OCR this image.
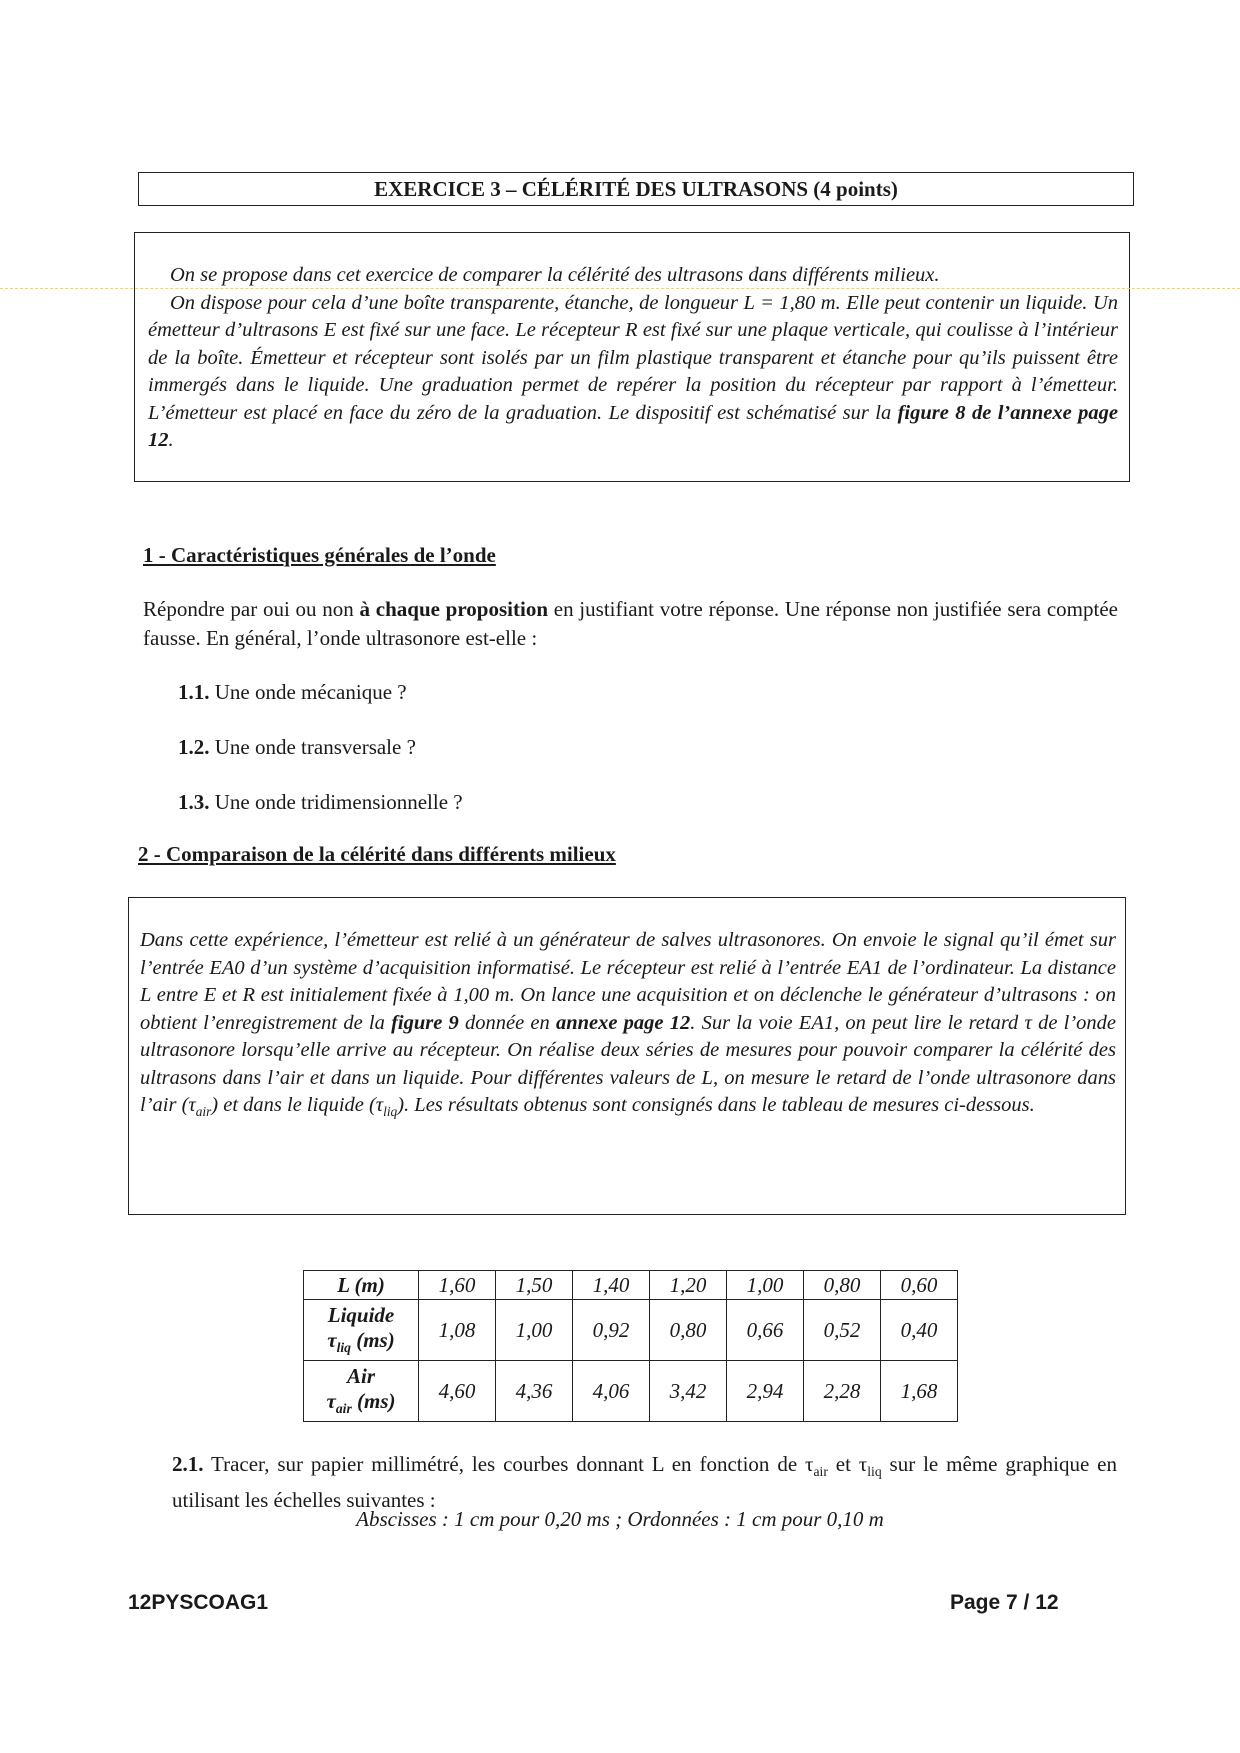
EXERCICE 3 – CÉLÉRITÉ DES ULTRASONS (4 points)
On se propose dans cet exercice de comparer la célérité des ultrasons dans différents milieux.
On dispose pour cela d’une boîte transparente, étanche, de longueur L = 1,80 m. Elle peut contenir un liquide. Un émetteur d’ultrasons E est fixé sur une face. Le récepteur R est fixé sur une plaque verticale, qui coulisse à l’intérieur de la boîte. Émetteur et récepteur sont isolés par un film plastique transparent et étanche pour qu’ils puissent être immergés dans le liquide. Une graduation permet de repérer la position du récepteur par rapport à l’émetteur. L’émetteur est placé en face du zéro de la graduation. Le dispositif est schématisé sur la figure 8 de l’annexe page 12.
1 - Caractéristiques générales de l’onde
Répondre par oui ou non à chaque proposition en justifiant votre réponse. Une réponse non justifiée sera comptée fausse. En général, l’onde ultrasonore est-elle :
1.1. Une onde mécanique ?
1.2. Une onde transversale ?
1.3. Une onde tridimensionnelle ?
2 - Comparaison de la célérité dans différents milieux
Dans cette expérience, l’émetteur est relié à un générateur de salves ultrasonores. On envoie le signal qu’il émet sur l’entrée EA0 d’un système d’acquisition informatisé. Le récepteur est relié à l’entrée EA1 de l’ordinateur. La distance L entre E et R est initialement fixée à 1,00 m. On lance une acquisition et on déclenche le générateur d’ultrasons : on obtient l’enregistrement de la figure 9 donnée en annexe page 12. Sur la voie EA1, on peut lire le retard τ de l’onde ultrasonore lorsqu’elle arrive au récepteur. On réalise deux séries de mesures pour pouvoir comparer la célérité des ultrasons dans l’air et dans un liquide. Pour différentes valeurs de L, on mesure le retard de l’onde ultrasonore dans l’air $(\tau_{air})$ et dans le liquide $(\tau_{liq})$. Les résultats obtenus sont consignés dans le tableau de mesures ci-dessous.
L (m)	1,60	1,50	1,40	1,20	1,00	0,80	0,60
Liquide
$\tau_{liq}$ (ms)	1,08	1,00	0,92	0,80	0,66	0,52	0,40
Air
$\tau_{air}$ (ms)	4,60	4,36	4,06	3,42	2,94	2,28	1,68
2.1. Tracer, sur papier millimétré, les courbes donnant L en fonction de $\tau_{air}$ et $\tau_{liq}$ sur le même graphique en utilisant les échelles suivantes :
Abscisses : 1 cm pour 0,20 ms ; Ordonnées : 1 cm pour 0,10 m
12PYSCOAG1	Page 7 / 12
